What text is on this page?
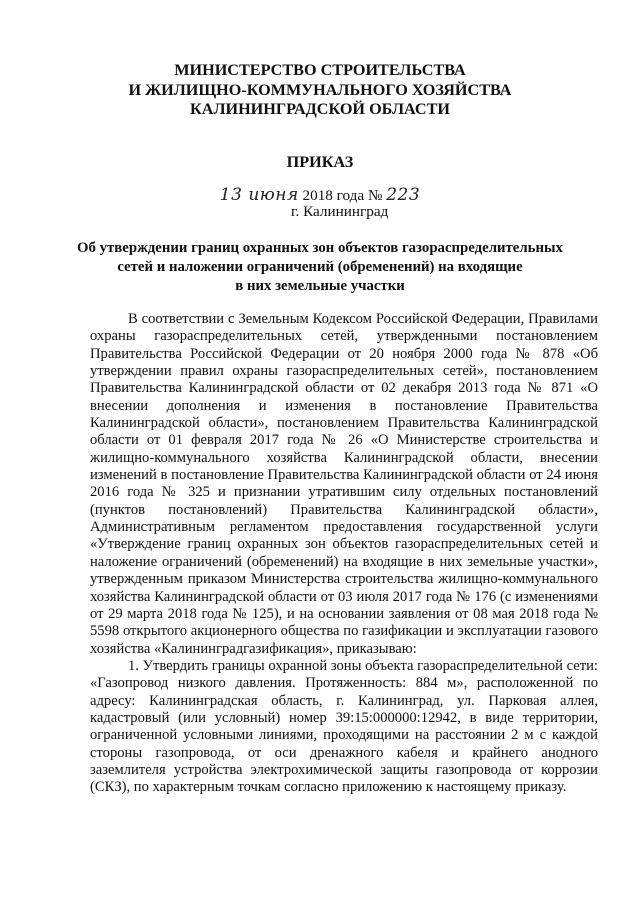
МИНИСТЕРСТВО СТРОИТЕЛЬСТВА
И ЖИЛИЩНО-КОММУНАЛЬНОГО ХОЗЯЙСТВА
КАЛИНИНГРАДСКОЙ ОБЛАСТИ
ПРИКАЗ
13 июня 2018 года № 223
г. Калининград
Об утверждении границ охранных зон объектов газораспределительных
сетей и наложении ограничений (обременений) на входящие
в них земельные участки

В соответствии с Земельным Кодексом Российской Федерации, Правилами охраны газораспределительных сетей, утвержденными постановлением Правительства Российской Федерации от 20 ноября 2000 года № 878 «Об утверждении правил охраны газораспределительных сетей», постановлением Правительства Калининградской области от 02 декабря 2013 года № 871 «О внесении дополнения и изменения в постановление Правительства Калининградской области», постановлением Правительства Калининградской области от 01 февраля 2017 года № 26 «О Министерстве строительства и жилищно-коммунального хозяйства Калининградской области, внесении изменений в постановление Правительства Калининградской области от 24 июня 2016 года № 325 и признании утратившим силу отдельных постановлений (пунктов постановлений) Правительства Калининградской области», Административным регламентом предоставления государственной услуги «Утверждение границ охранных зон объектов газораспределительных сетей и наложение ограничений (обременений) на входящие в них земельные участки», утвержденным приказом Министерства строительства жилищно-коммунального хозяйства Калининградской области от 03 июля 2017 года № 176 (с изменениями от 29 марта 2018 года № 125), и на основании заявления от 08 мая 2018 года № 5598 открытого акционерного общества по газификации и эксплуатации газового хозяйства «Калининградгазификация», приказываю:

1. Утвердить границы охранной зоны объекта газораспределительной сети: «Газопровод низкого давления. Протяженность: 884 м», расположенной по адресу: Калининградская область, г. Калининград, ул. Парковая аллея, кадастровый (или условный) номер 39:15:000000:12942, в виде территории, ограниченной условными линиями, проходящими на расстоянии 2 м с каждой стороны газопровода, от оси дренажного кабеля и крайнего анодного заземлителя устройства электрохимической защиты газопровода от коррозии (СКЗ), по характерным точкам согласно приложению к настоящему приказу.
